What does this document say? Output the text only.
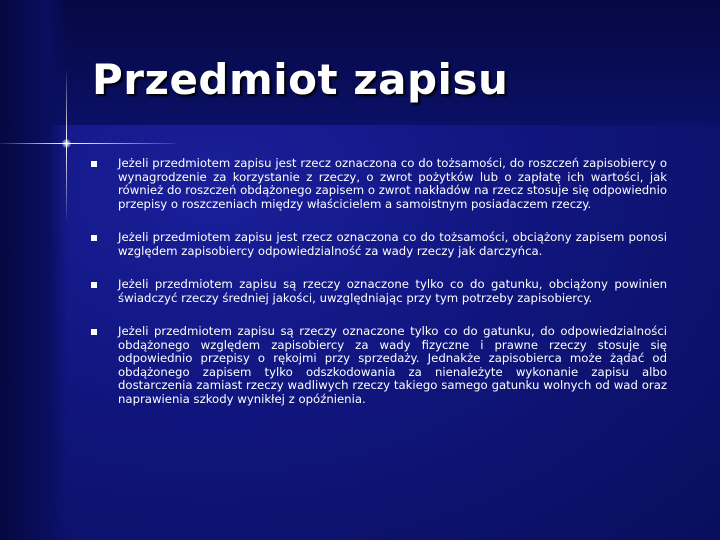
Przedmiot zapisu
Jeżeli przedmiotem zapisu jest rzecz oznaczona co do tożsamości, do roszczeń zapisobiercy o wynagrodzenie za korzystanie z rzeczy, o zwrot pożytków lub o zapłatę ich wartości, jak również do roszczeń obdążonego zapisem o zwrot nakładów na rzecz stosuje się odpowiednio przepisy o roszczeniach między właścicielem a samoistnym posiadaczem rzeczy.
Jeżeli przedmiotem zapisu jest rzecz oznaczona co do tożsamości, obciążony zapisem ponosi względem zapisobiercy odpowiedzialność za wady rzeczy jak darczyńca.
Jeżeli przedmiotem zapisu są rzeczy oznaczone tylko co do gatunku, obciążony powinien świadczyć rzeczy średniej jakości, uwzględniając przy tym potrzeby zapisobiercy.
Jeżeli przedmiotem zapisu są rzeczy oznaczone tylko co do gatunku, do odpowiedzialności obdążonego względem zapisobiercy za wady fizyczne i prawne rzeczy stosuje się odpowiednio przepisy o rękojmi przy sprzedaży. Jednakże zapisobierca może żądać od obdążonego zapisem tylko odszkodowania za nienależyte wykonanie zapisu albo dostarczenia zamiast rzeczy wadliwych rzeczy takiego samego gatunku wolnych od wad oraz naprawienia szkody wynikłej z opóźnienia.
